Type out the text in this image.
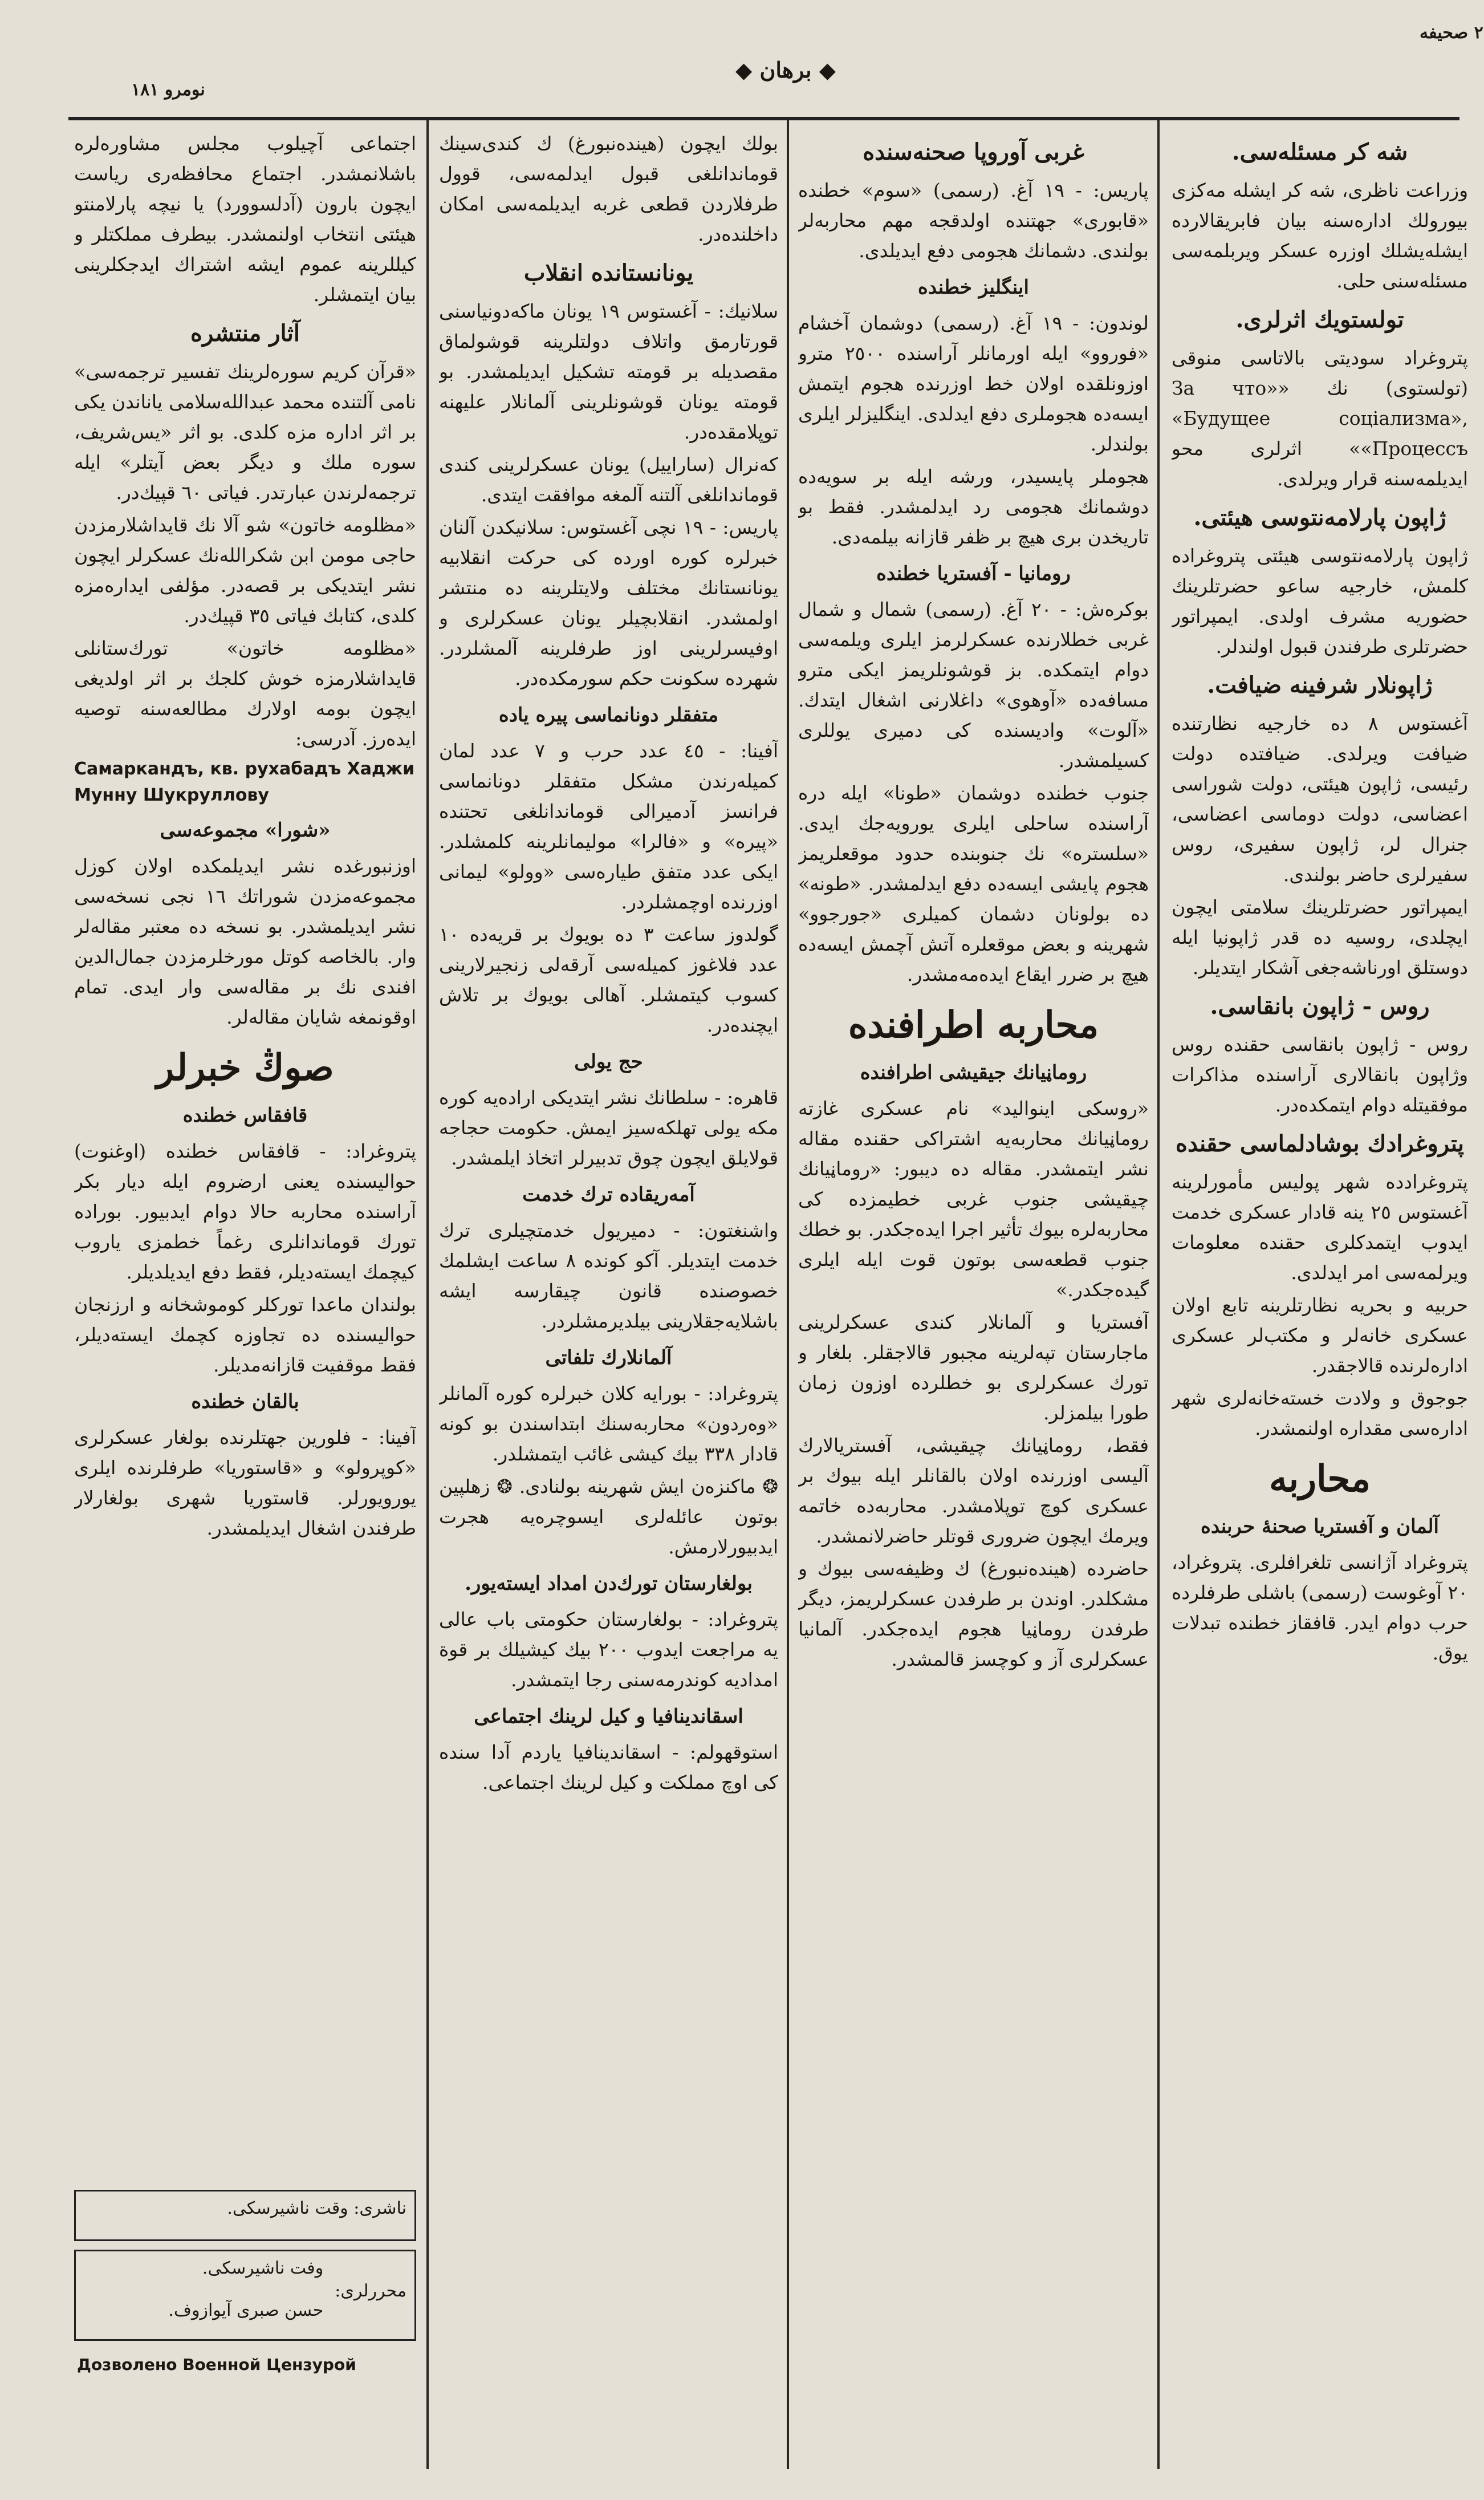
٢ صحيفه
◆ برهان ◆
نومرو ١٨١
شه كر مسئله‌سى.

وزراعت ناظرى، شه كر ايشله‌ مه‌كزى بيورولك اداره‌سنه بيان فابريقالارده ايشله‌يشلك اوزره عسكر ويربلمه‌سى مسئله‌سنى حلى.

تولستويك اثرلرى.

پتروغراد سوديتى بالاتاسى منوقى (تولستوى) نك «За что» «Будущее соціализма», «Процессъ» اثرلرى محو ايديلمه‌سنه قرار ويرلدى.

ژاپون پارلامه‌نتوسى هيئتى.

ژاپون پارلامه‌نتوسى هيئتى پتروغراده كلمش، خارجيه ساعو حضرتلرينك حضوريه مشرف اولدى. ايمپراتور حضرتلرى طرفندن قبول اولندلر.

ژاپونلار شرفينه ضيافت.

آغستوس ٨ ده خارجيه نظارتنده ضيافت ويرلدى. ضيافتده دولت رئيسى، ژاپون هيئتى، دولت شوراسى اعضاسى، دولت دوماسى اعضاسى، جنرال لر، ژاپون سفيرى، روس سفيرلرى حاضر بولندى.

ايمپراتور حضرتلرينك سلامتى ايچون ايچلدى، روسيه ده قدر ژاپونيا ايله دوستلق اورناشه‌جغى آشكار ايتديلر.

روس - ژاپون بانقاسى.

روس - ژاپون بانقاسى حقنده روس وژاپون بانقالارى آراسنده مذاكرات موفقيتله دوام ايتمكده‌در.

پتروغرادك بوشادلماسى حقنده

پتروغرادده شهر پوليس مأمورلرينه آغستوس ٢٥ ينه قادار عسكرى خدمت ايدوب ايتمدكلرى حقنده معلومات ويرلمه‌سى امر ايدلدى.

حربيه و بحريه نظارتلرينه تابع اولان عسكرى خانه‌لر و مكتب‌لر عسكرى اداره‌لرنده قالاجقدر.

جوجوق و ولادت خسته‌خانه‌لرى شهر اداره‌سى مقداره اولنمشدر.

محاربه
آلمان و آفستريا صحنهٔ حربنده

پتروغراد آژانسى تلغرافلرى. پتروغراد، ٢٠ آوغوست (رسمى) باشلى طرفلرده حرب دوام ايدر. قافقاز خطنده تبدلات يوق.

غربى آوروپا صحنه‌سنده

پاريس: - ١٩ آغ. (رسمى) «سوم» خطنده «قابورى» جهتنده اولدقجه مهم محاربه‌لر بولندى. دشمانك هجومى دفع ايديلدى.

اينگليز خطنده

لوندون: - ١٩ آغ. (رسمى) دوشمان آخشام «فوروو» ايله اورمانلر آراسنده ٢٥٠٠ مترو اوزونلقده اولان خط اوزرنده هجوم ايتمش ايسه‌ده هجوملرى دفع ايدلدى. اينگليزلر ايلرى بولندلر.

هجوملر پايسيدر، ورشه ايله بر سويه‌ده دوشمانك هجومى رد ايدلمشدر. فقط بو تاريخدن برى هيچ بر ظفر قازانه بيلمه‌دى.

رومانيا - آفستريا خطنده

بوكره‌ش: - ٢٠ آغ. (رسمى) شمال و شمال غربى خطلارنده عسكرلرمز ايلرى ويلمه‌سى دوام ايتمكده. بز قوشونلريمز ايكى مترو مسافه‌ده «آوهوى» داغلارنى اشغال ايتدك. «آلوت» واديسنده كى دميرى يوللرى كسيلمشدر.

جنوب خطنده دوشمان «طونا» ايله دره آراسنده ساحلى ايلرى يورويه‌جك ايدى. «سلستره» نك جنوبنده حدود موقعلريمز هجوم پايشى ايسه‌ده دفع ايدلمشدر. «طونه» ده بولونان دشمان كميلرى «جورجوو» شهرينه و بعض موقعلره آتش آچمش ايسه‌ده هيچ بر ضرر ايقاع ايده‌مه‌مشدر.

محاربه اطرافنده
روماڼيانك جيقيشى اطرافنده

«روسكى اينواليد» نام عسكرى غازته روماڼيانك محاربه‌يه اشتراكى حقنده مقاله نشر ايتمشدر. مقاله ده ديبور: «روماڼيانك چيقيشى جنوب غربى خطيمزده كى محاربه‌لره بيوك تأثير اجرا ايده‌جكدر. بو خطك جنوب قطعه‌سى بوتون قوت ايله ايلرى گيده‌جكدر.»

آفستريا و آلمانلار كندى عسكرلرينى ماجارستان تپه‌لرينه مجبور قالاجقلر. بلغار و تورك عسكرلرى بو خطلرده اوزون زمان طورا بيلمزلر.

فقط، روماڼيانك چيقيشى، آفستريالارك آليسى اوزرنده اولان بالقانلر ايله بيوك بر عسكرى كوچ توپلامشدر. محاربه‌ده خاتمه ويرمك ايچون ضرورى قوتلر حاضرلانمشدر.

حاضرده (هينده‌نبورغ) ك وظيفه‌سى بيوك و مشكلدر. اوندن بر طرفدن عسكرلريمز، ديگر طرفدن روماڼيا هجوم ايده‌جكدر. آلمانيا عسكرلرى آز و كوچسز قالمشدر.

بولك ايچون (هينده‌نبورغ) ك كندى‌سينك قوماندانلغى قبول ايدلمه‌سى، قوول طرفلاردن قطعى غربه ايديلمه‌سى امكان داخلنده‌در.

يونانستانده انقلاب

سلانيك: - آغستوس ١٩ يونان ماكه‌دونياسنى قورتارمق واتلاف دولتلرينه قوشولماق مقصديله بر قومته تشكيل ايديلمشدر. بو قومته يونان قوشونلرينى آلمانلار عليهنه توپلامقده‌در.

كه‌نرال (ساراييل) يونان عسكرلرينى كندى قوماندانلغى آلتنه آلمغه موافقت ايتدى.

پاريس: - ١٩ نچى آغستوس: سلانيكدن آلنان خبرلره كوره اورده كى حركت انقلابيه يونانستانك مختلف ولايتلرينه ده منتشر اولمشدر. انقلابچيلر يونان عسكرلرى و اوفيسرلرينى اوز طرفلرينه آلمشلردر. شهرده سكونت حكم سورمكده‌در.

متفقلر دونانماسى پيره ياده

آفينا: - ٤٥ عدد حرب و ٧ عدد لمان كميله‌رندن مشكل متفقلر دونانماسى فرانسز آدميرالى قوماندانلغى تحتنده «پيره» و «فالرا» موليمانلرينه كلمشلدر. ايكى عدد متفق طياره‌سى «وولو» ليمانى اوزرنده اوچمشلردر.

گولدوز ساعت ٣ ده بويوك بر قريه‌ده ١٠ عدد فلاغوز كميله‌سى آرقه‌لى زنجيرلارينى كسوب كيتمشلر. آهالى بويوك بر تلاش ايچنده‌در.

حج يولى

قاهره: - سلطانك نشر ايتديكى اراده‌يه كوره مكه يولى تهلكه‌سيز ايمش. حكومت حجاجه قولايلق ايچون چوق تدبيرلر اتخاذ ايلمشدر.

آمه‌ريقاده ترك خدمت

واشنغتون: - دميريول خدمتچيلرى ترك خدمت ايتديلر. آكو كونده ٨ ساعت ايشلمك خصوصنده قانون چيقارسه ايشه باشلايه‌جقلارينى بيلديرمشلردر.

آلمانلارك تلفاتى

پتروغراد: - بورايه كلان خبرلره كوره آلمانلر «وه‌ردون» محاربه‌سنك ابتداسندن بو كونه قادار ٣٣٨ بيك كيشى غائب ايتمشلدر.

❂ ماكنزه‌ن ايش شهرينه بولنادى. ❂ زهلپين بوتون عائله‌لرى ايسوچره‌يه هجرت ايدبيورلارمش.

بولغارستان تورك‌دن امداد ايسته‌يور.

پتروغراد: - بولغارستان حكومتى باب عالى يه مراجعت ايدوب ٢٠٠ بيك كيشيلك بر قوة امداديه كوندرمه‌سنى رجا ايتمشدر.

اسقاندينافيا و كيل لرينك اجتماعى

استوقهولم: - اسقاندينافيا ياردم آدا سنده كى اوچ مملكت و كيل لرينك اجتماعى.

اجتماعى آچيلوب مجلس مشاوره‌لره باشلانمشدر. اجتماع محافظه‌رى رياست ايچون بارون (آدلسوورد) يا نيچه پارلامنتو هيئتى انتخاب اولنمشدر. بيطرف مملكتلر و كيللرينه عموم ايشه اشتراك ايدجكلرينى بيان ايتمشلر.

آثار منتشره

«قرآن كريم سوره‌لرينك تفسير ترجمه‌سى» نامى آلتنده محمد عبدالله‌سلامى ياناندن يكى بر اثر اداره مزه كلدى. بو اثر «يس‌شريف، سوره ملك و ديگر بعض آيتلر» ايله ترجمه‌لرندن عبارتدر. فياتى ٦٠ قپيك‌در.

«مظلومه خاتون» شو آلا نك قايداشلارمزدن حاجى مومن ابن شكرالله‌نك عسكرلر ايچون نشر ايتديكى بر قصه‌در. مؤلفى ايداره‌مزه كلدى، كتابك فياتى ٣٥ قپيك‌در.

«مظلومه خاتون» تورك‌ستانلى قايداشلارمزه خوش كلجك بر اثر اولديغى ايچون بومه اولارك مطالعه‌سنه توصيه ايده‌رز. آدرسى:

Самаркандъ, кв. рухабадъ Хаджи Мунну Шукруллову
«شورا» مجموعه‌سى

اوزنبورغده نشر ايديلمكده اولان كوزل مجموعه‌مزدن شوراتك ١٦ نجى نسخه‌سى نشر ايديلمشدر. بو نسخه ده معتبر مقاله‌لر وار. بالخاصه كوتل مورخلرمزدن جمال‌الدين افندى نك بر مقاله‌سى وار ايدى. تمام اوقونمغه شايان مقاله‌لر.

صوڭ خبرلر
قافقاس خطنده

پتروغراد: - قافقاس خطنده (اوغنوت) حواليسنده يعنى ارضروم ايله ديار بكر آراسنده محاربه حالا دوام ايدبيور. بوراده تورك قوماندانلرى رغماً خطمزى ياروب كيچمك ايسته‌ديلر، فقط دفع ايديلديلر.

بولندان ماعدا توركلر كوموشخانه و ارزنجان حواليسنده ده تجاوزه كچمك ايسته‌ديلر، فقط موقفيت قازانه‌مديلر.

بالقان خطنده

آفينا: - فلورين جهتلرنده بولغار عسكرلرى «كوپرولو» و «قاستوريا» طرفلرنده ايلرى يورويورلر. قاستوريا شهرى بولغارلار طرفندن اشغال ايديلمشدر.

ناشرى: وقت ناشيرسكى.
محررلرى:
وفت ناشيرسكى.
حسن صبرى آيوازوف.
Дозволено Военной Цензурой
